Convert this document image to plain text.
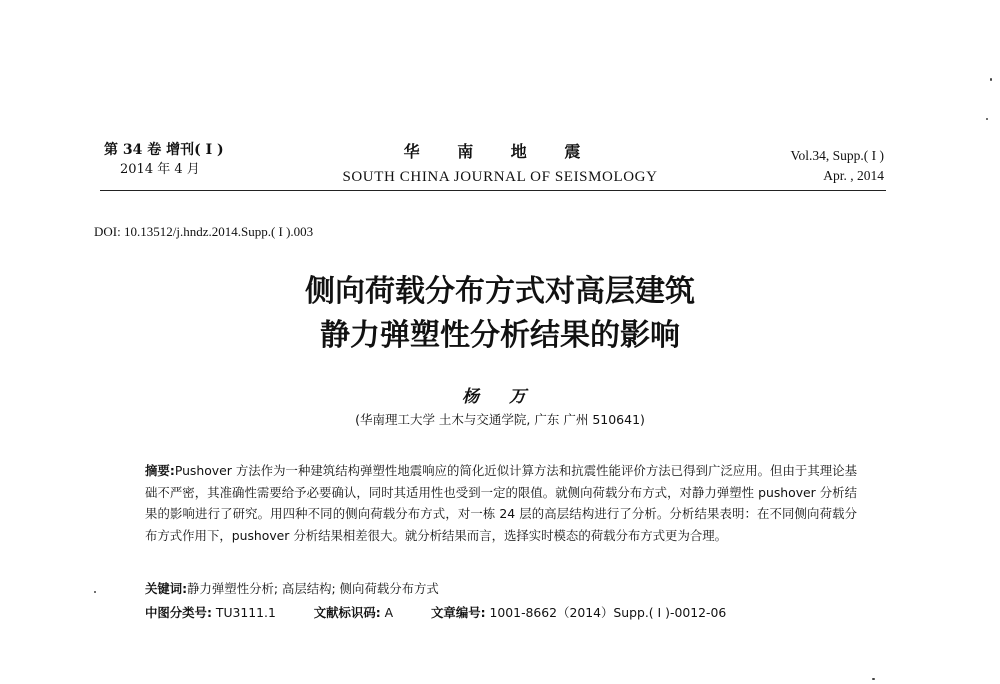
第 34 卷 增刊( I )
2014 年 4 月
华 南 地 震
SOUTH CHINA JOURNAL OF SEISMOLOGY
Vol.34, Supp.( I )
Apr. , 2014
DOI: 10.13512/j.hndz.2014.Supp.( I ).003
侧向荷载分布方式对高层建筑
静力弹塑性分析结果的影响
杨 万
(华南理工大学 土木与交通学院, 广东 广州 510641)
摘要:Pushover 方法作为一种建筑结构弹塑性地震响应的简化近似计算方法和抗震性能评价方法已得到广泛应用。但由于其理论基础不严密，其准确性需要给予必要确认，同时其适用性也受到一定的限值。就侧向荷载分布方式，对静力弹塑性 pushover 分析结果的影响进行了研究。用四种不同的侧向荷载分布方式，对一栋 24 层的高层结构进行了分析。分析结果表明：在不同侧向荷载分布方式作用下，pushover 分析结果相差很大。就分析结果而言，选择实时模态的荷载分布方式更为合理。
关键词:静力弹塑性分析; 高层结构; 侧向荷载分布方式
中图分类号: TU3111.1	文献标识码: A	文章编号: 1001-8662（2014）Supp.( I )-0012-06
